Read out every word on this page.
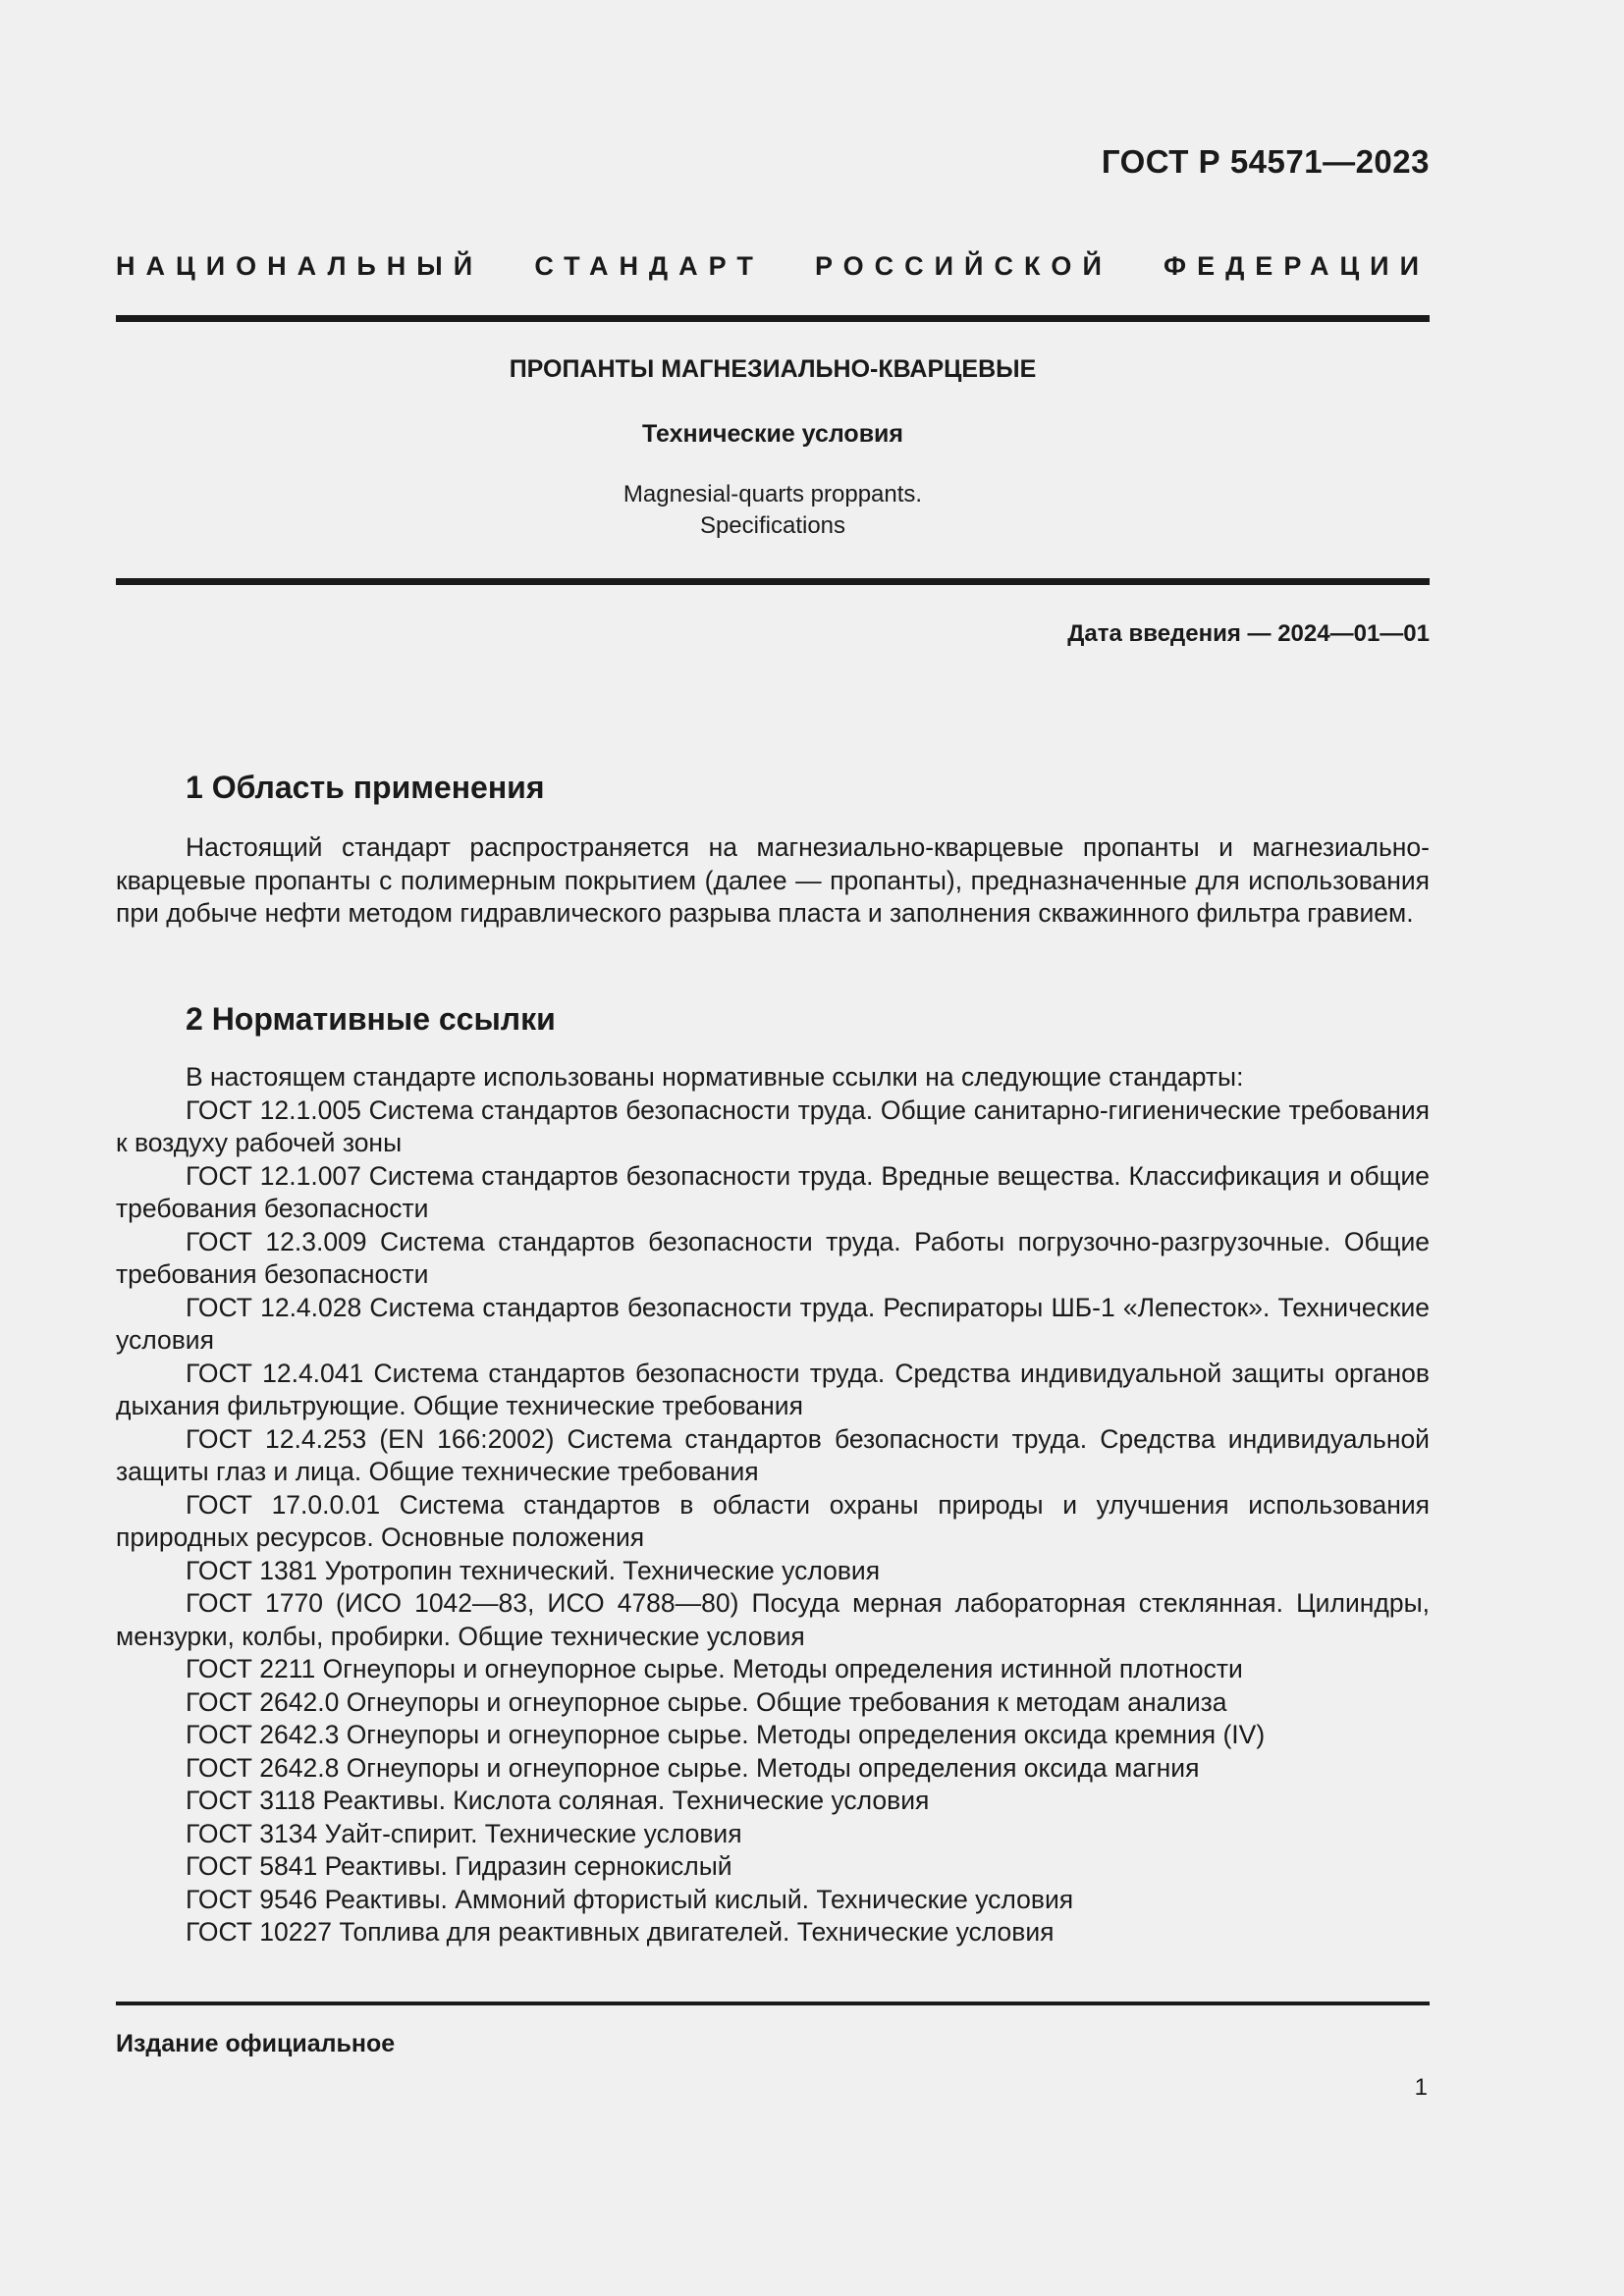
ГОСТ Р 54571—2023
НАЦИОНАЛЬНЫЙ СТАНДАРТ РОССИЙСКОЙ ФЕДЕРАЦИИ
ПРОПАНТЫ МАГНЕЗИАЛЬНО-КВАРЦЕВЫЕ
Технические условия
Magnesial-quarts proppants.
Specifications
Дата введения — 2024—01—01
1 Область применения

Настоящий стандарт распространяется на магнезиально-кварцевые пропанты и магнезиально-кварцевые пропанты с полимерным покрытием (далее — пропанты), предназначенные для использования при добыче нефти методом гидравлического разрыва пласта и заполнения скважинного фильтра гравием.

2 Нормативные ссылки

В настоящем стандарте использованы нормативные ссылки на следующие стандарты:

ГОСТ 12.1.005 Система стандартов безопасности труда. Общие санитарно-гигиенические требования к воздуху рабочей зоны

ГОСТ 12.1.007 Система стандартов безопасности труда. Вредные вещества. Классификация и общие требования безопасности

ГОСТ 12.3.009 Система стандартов безопасности труда. Работы погрузочно-разгрузочные. Общие требования безопасности

ГОСТ 12.4.028 Система стандартов безопасности труда. Респираторы ШБ-1 «Лепесток». Технические условия

ГОСТ 12.4.041 Система стандартов безопасности труда. Средства индивидуальной защиты органов дыхания фильтрующие. Общие технические требования

ГОСТ 12.4.253 (EN 166:2002) Система стандартов безопасности труда. Средства индивидуальной защиты глаз и лица. Общие технические требования

ГОСТ 17.0.0.01 Система стандартов в области охраны природы и улучшения использования природных ресурсов. Основные положения

ГОСТ 1381 Уротропин технический. Технические условия

ГОСТ 1770 (ИСО 1042—83, ИСО 4788—80) Посуда мерная лабораторная стеклянная. Цилиндры, мензурки, колбы, пробирки. Общие технические условия

ГОСТ 2211 Огнеупоры и огнеупорное сырье. Методы определения истинной плотности

ГОСТ 2642.0 Огнеупоры и огнеупорное сырье. Общие требования к методам анализа

ГОСТ 2642.3 Огнеупоры и огнеупорное сырье. Методы определения оксида кремния (IV)

ГОСТ 2642.8 Огнеупоры и огнеупорное сырье. Методы определения оксида магния

ГОСТ 3118 Реактивы. Кислота соляная. Технические условия

ГОСТ 3134 Уайт-спирит. Технические условия

ГОСТ 5841 Реактивы. Гидразин сернокислый

ГОСТ 9546 Реактивы. Аммоний фтористый кислый. Технические условия

ГОСТ 10227 Топлива для реактивных двигателей. Технические условия

Издание официальное
1
